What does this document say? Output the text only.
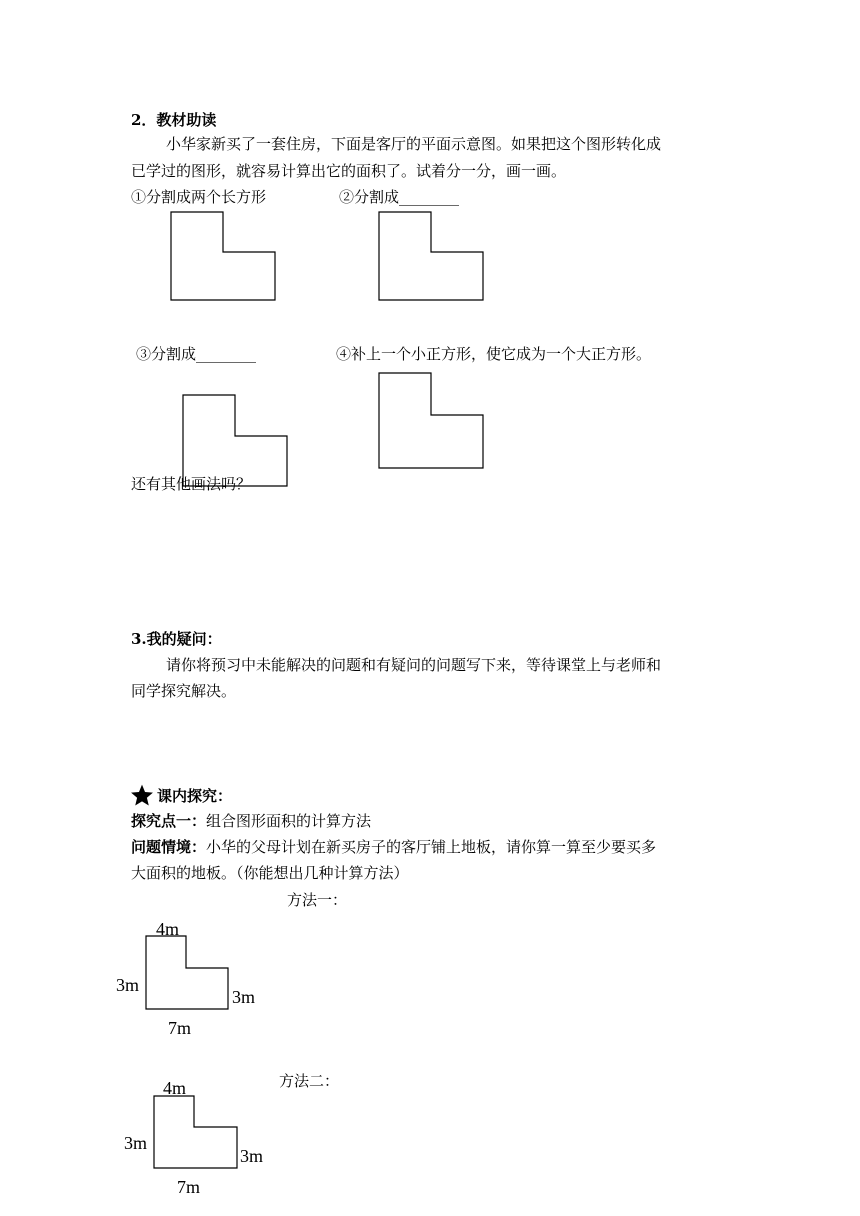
2．教材助读

小华家新买了一套住房，下面是客厅的平面示意图。如果把这个图形转化成

已学过的图形，就容易计算出它的面积了。试着分一分，画一画。

①分割成两个长方形	②分割成________

③分割成________	④补上一个小正方形，使它成为一个大正方形。

还有其他画法吗？

3.我的疑问：

请你将预习中未能解决的问题和有疑问的问题写下来，等待课堂上与老师和

同学探究解决。

课内探究：

探究点一：组合图形面积的计算方法

问题情境：小华的父母计划在新买房子的客厅铺上地板，请你算一算至少要买多

大面积的地板。（你能想出几种计算方法）

方法一：

4m
3m
3m
7m

方法二：

4m
3m
3m
7m
